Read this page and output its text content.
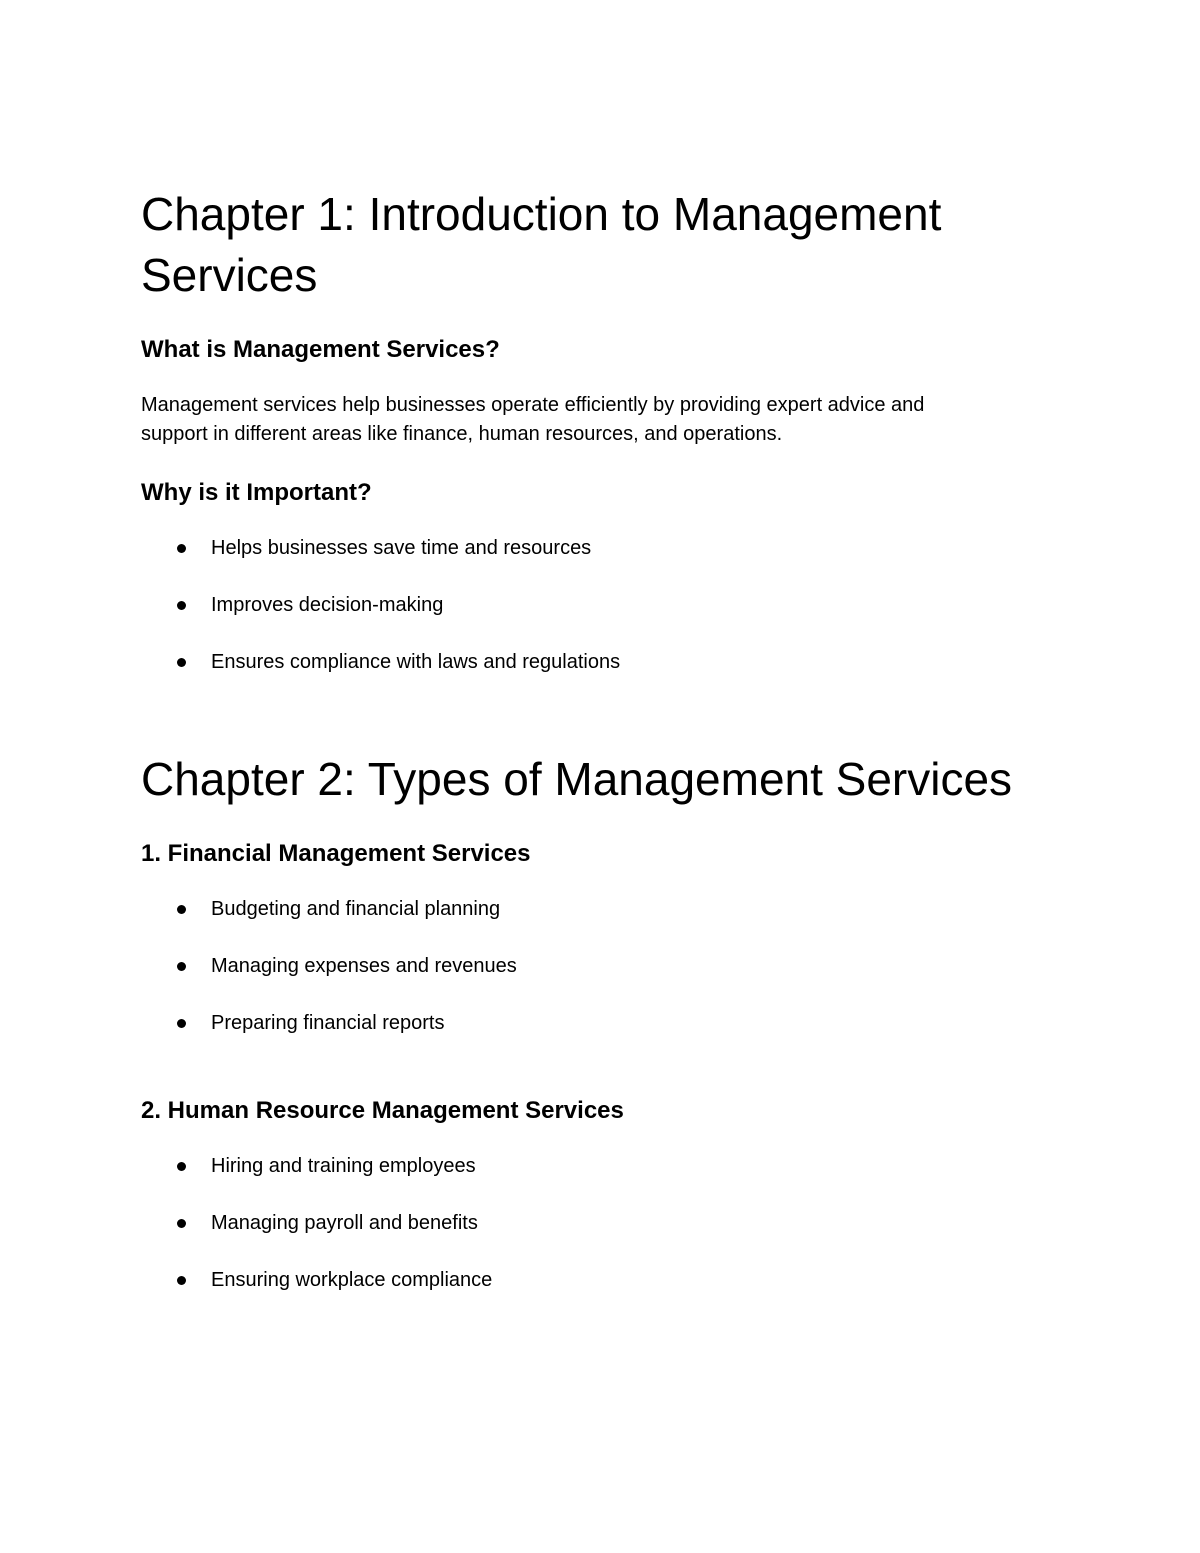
Chapter 1: Introduction to Management
Services
What is Management Services?

Management services help businesses operate efficiently by providing expert advice and

support in different areas like finance, human resources, and operations.

Why is it Important?
Helps businesses save time and resources
Improves decision-making
Ensures compliance with laws and regulations
Chapter 2: Types of Management Services
1. Financial Management Services
Budgeting and financial planning
Managing expenses and revenues
Preparing financial reports
2. Human Resource Management Services
Hiring and training employees
Managing payroll and benefits
Ensuring workplace compliance
